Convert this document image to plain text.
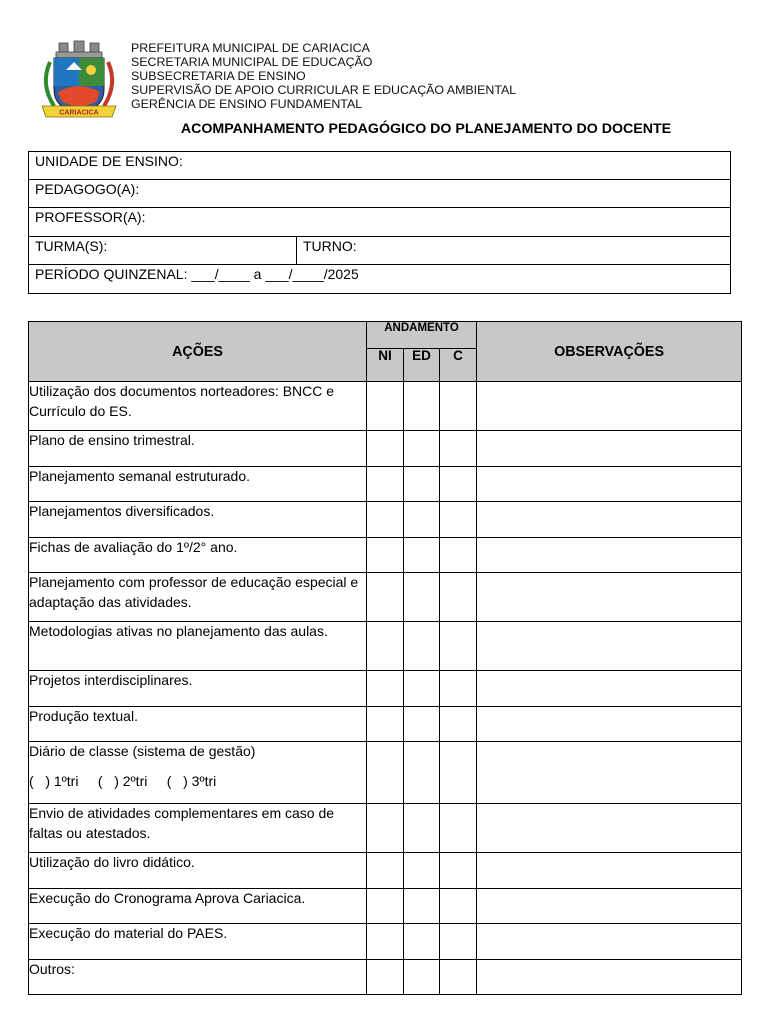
CARIACICA
PREFEITURA MUNICIPAL DE CARIACICA
SECRETARIA MUNICIPAL DE EDUCAÇÃO
SUBSECRETARIA DE ENSINO
SUPERVISÃO DE APOIO CURRICULAR E EDUCAÇÃO AMBIENTAL
GERÊNCIA DE ENSINO FUNDAMENTAL
ACOMPANHAMENTO PEDAGÓGICO DO PLANEJAMENTO DO DOCENTE
UNIDADE DE ENSINO:
PEDAGOGO(A):
PROFESSOR(A):
TURMA(S):	TURNO:
PERÍODO QUINZENAL: ___/____ a ___/____/2025
AÇÕES	ANDAMENTO			OBSERVAÇÕES
	NI	ED	C	
Utilização dos documentos norteadores: BNCC e Currículo do ES.				
Plano de ensino trimestral.				
Planejamento semanal estruturado.				
Planejamentos diversificados.				
Fichas de avaliação do 1º/2° ano.				
Planejamento com professor de educação especial e adaptação das atividades.				
Metodologias ativas no planejamento das aulas.				
Projetos interdisciplinares.				
Produção textual.				

Diário de classe (sistema de gestão)
(   ) 1ºtri     (   ) 2ºtri     (   ) 3ºtri				

Envio de atividades complementares em caso de faltas ou atestados.				
Utilização do livro didático.				
Execução do Cronograma Aprova Cariacica.				
Execução do material do PAES.				
Outros:				
